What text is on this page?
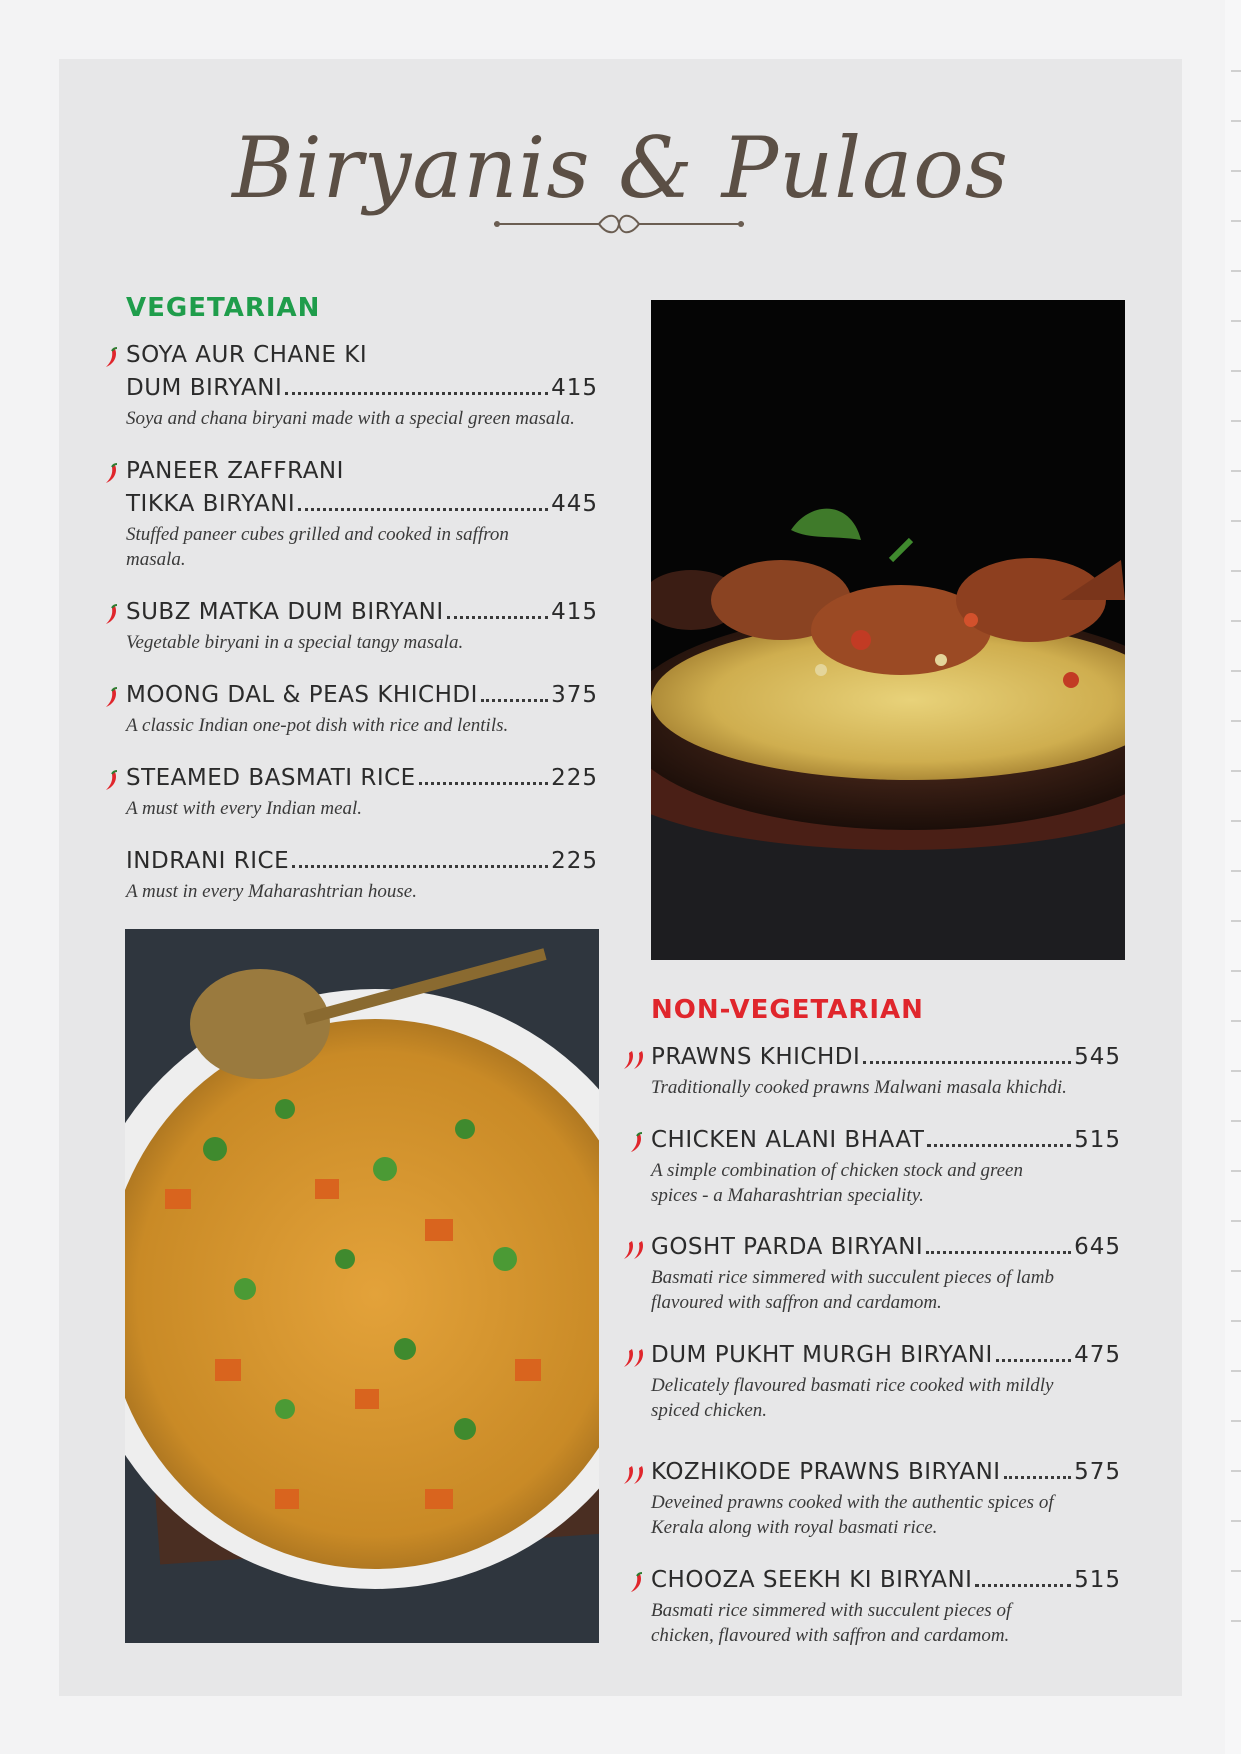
Biryanis & Pulaos
VEGETARIAN
SOYA AUR CHANE KI
DUM BIRYANI	415
Soya and chana biryani made with a special green masala.
PANEER ZAFFRANI
TIKKA BIRYANI	445
Stuffed paneer cubes grilled and cooked in saffron masala.
SUBZ MATKA DUM BIRYANI	415
Vegetable biryani in a special tangy masala.
MOONG DAL & PEAS KHICHDI	375
A classic Indian one-pot dish with rice and lentils.
STEAMED BASMATI RICE	225
A must with every Indian meal.
INDRANI RICE	225
A must in every Maharashtrian house.
NON-VEGETARIAN
PRAWNS KHICHDI	545
Traditionally cooked prawns Malwani masala khichdi.
CHICKEN ALANI BHAAT	515
A simple combination of chicken stock and green spices - a Maharashtrian speciality.
GOSHT PARDA BIRYANI	645
Basmati rice simmered with succulent pieces of lamb flavoured with saffron and cardamom.
DUM PUKHT MURGH BIRYANI	475
Delicately flavoured basmati rice cooked with mildly spiced chicken.
KOZHIKODE PRAWNS BIRYANI	575
Deveined prawns cooked with the authentic spices of Kerala along with royal basmati rice.
CHOOZA SEEKH KI BIRYANI	515
Basmati rice simmered with succulent pieces of chicken, flavoured with saffron and cardamom.
